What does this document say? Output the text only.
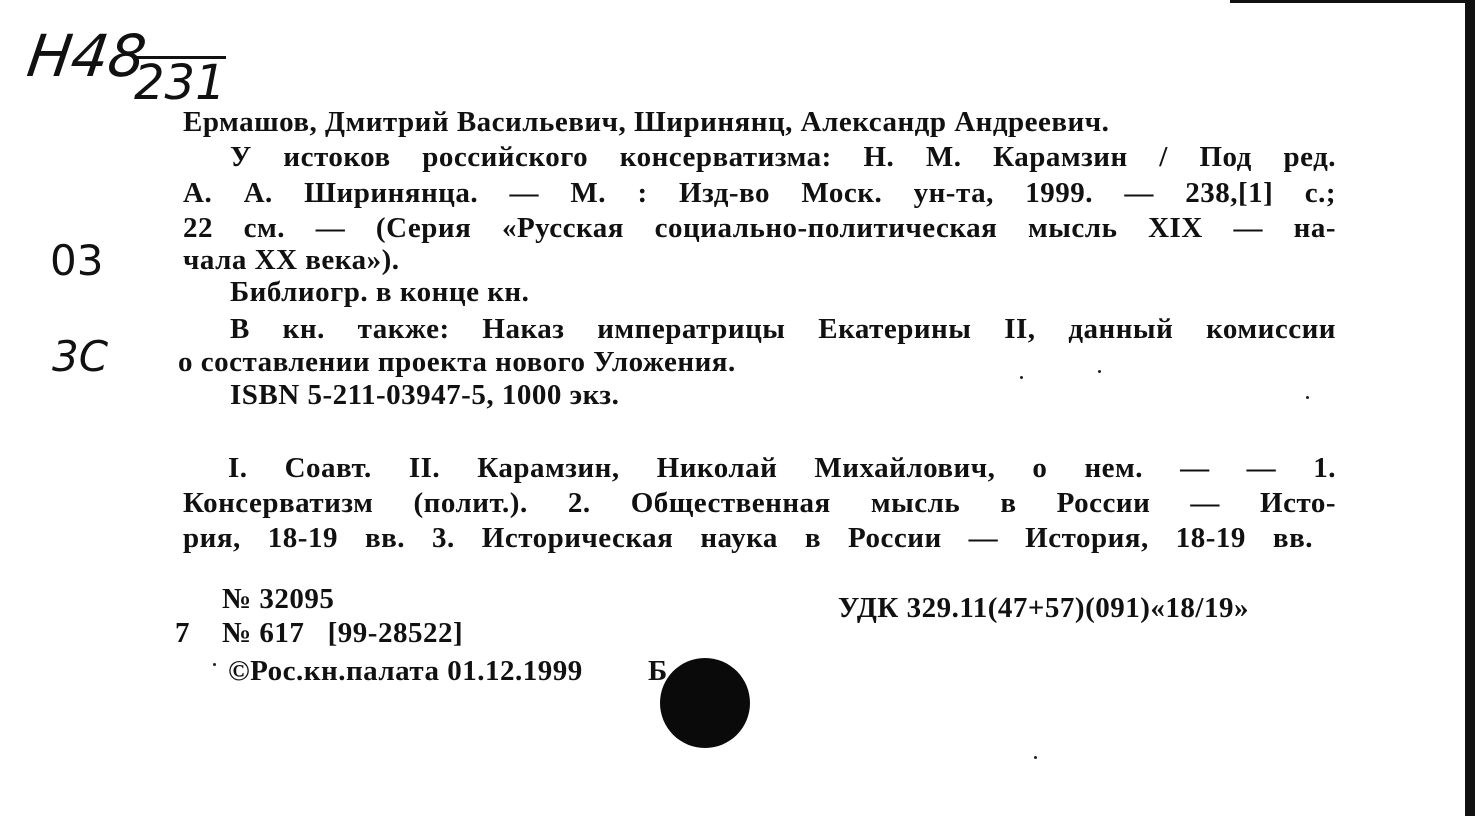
Н48
231
03
3С
Ермашов, Дмитрий Васильевич, Ширинянц, Александр Андреевич.
У истоков российского консерватизма: Н. М. Карамзин / Под ред.
А. А. Ширинянца. — М. : Изд-во Моск. ун-та, 1999. — 238,[1] с.;
22 см. — (Серия «Русская социально-политическая мысль XIX — на-
чала XX века»).
Библиогр. в конце кн.
В кн. также: Наказ императрицы Екатерины II, данный комиссии
о составлении проекта нового Уложения.
ISBN 5-211-03947-5, 1000 экз.
I. Соавт. II. Карамзин, Николай Михайлович, о нем. — — 1.
Консерватизм (полит.). 2. Общественная мысль в России — Исто-
рия, 18-19 вв. 3. Историческая наука в России — История, 18-19 вв.
№ 32095
7 № 617   [99-28522]
©Рос.кн.палата 01.12.1999 Б
УДК 329.11(47+57)(091)«18/19»
